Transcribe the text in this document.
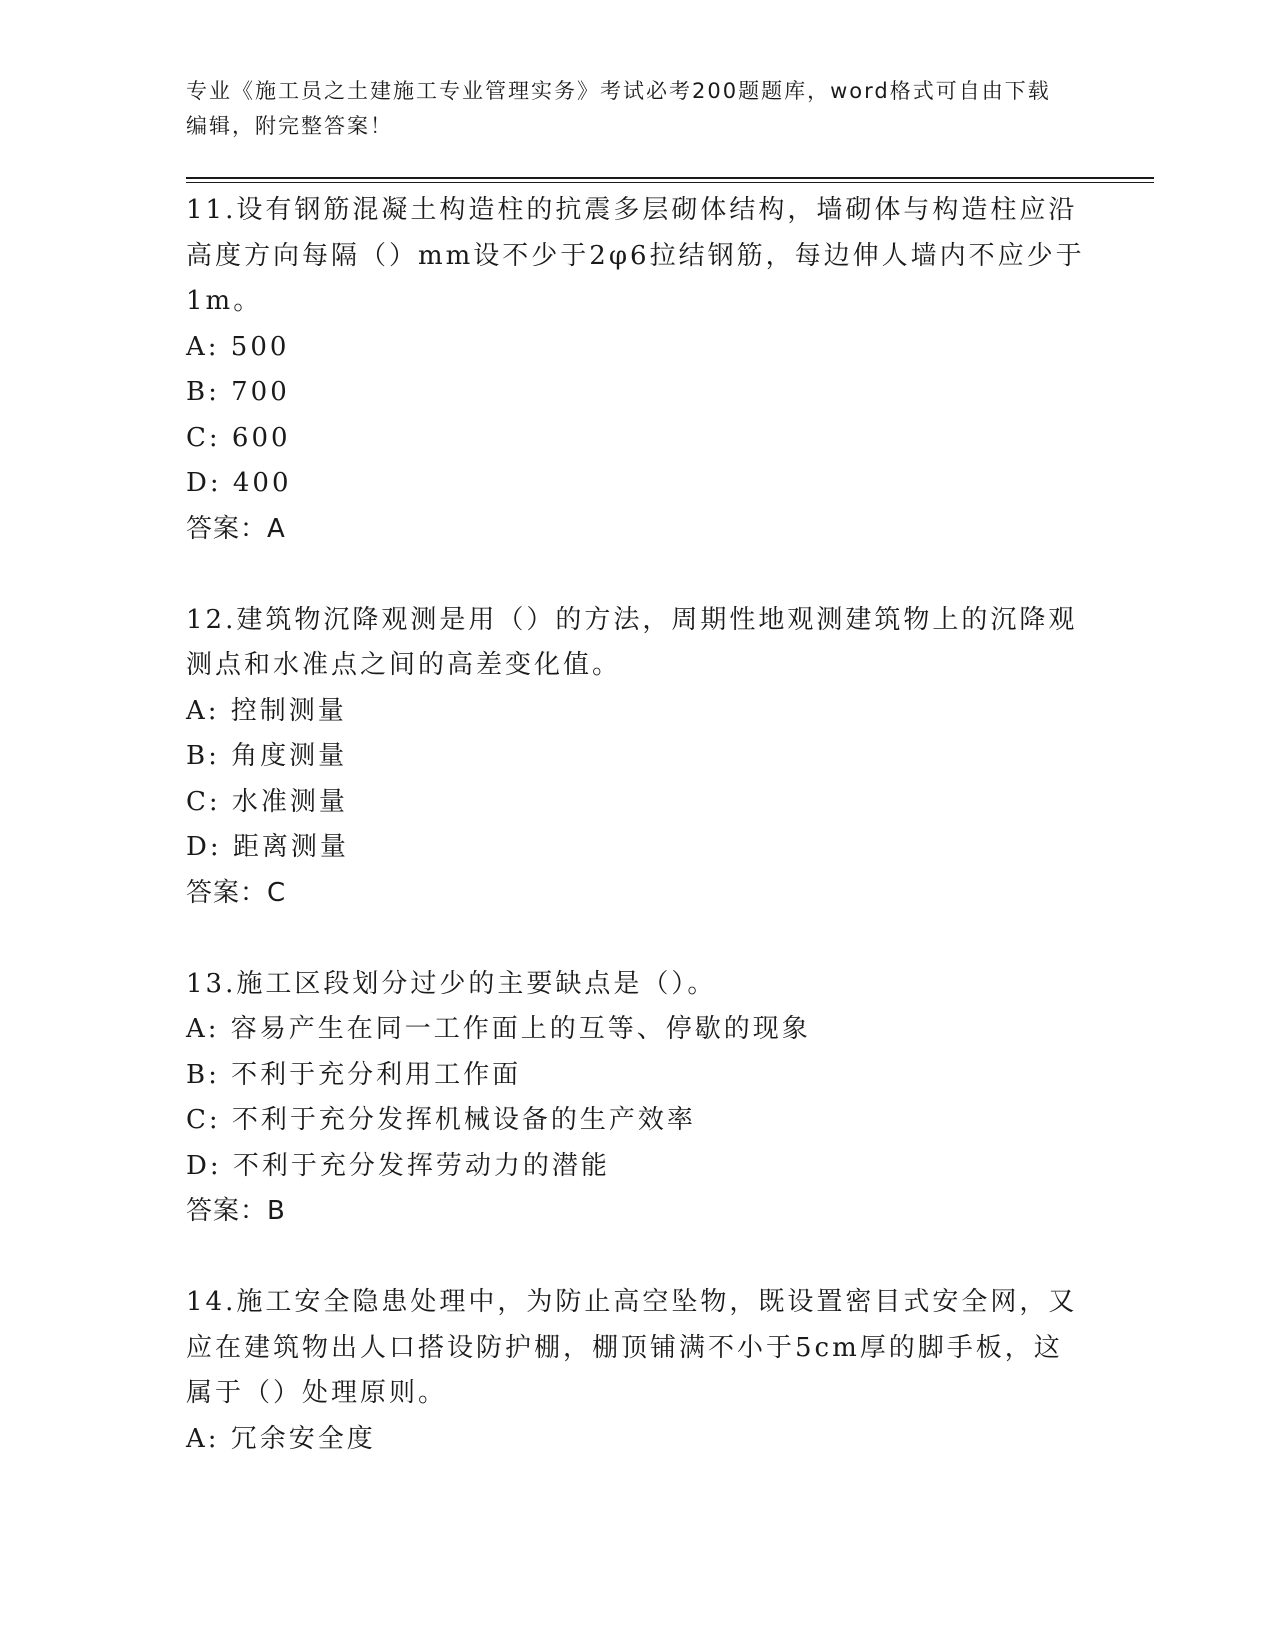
专业《施工员之土建施工专业管理实务》考试必考200题题库，word格式可自由下载编辑，附完整答案！

11.设有钢筋混凝土构造柱的抗震多层砌体结构，墙砌体与构造柱应沿高度方向每隔（）mm设不少于2φ6拉结钢筋，每边伸人墙内不应少于1m。

A: 500

B: 700

C: 600

D: 400

答案：A

12.建筑物沉降观测是用（）的方法，周期性地观测建筑物上的沉降观测点和水准点之间的高差变化值。

A: 控制测量

B: 角度测量

C: 水准测量

D: 距离测量

答案：C

13.施工区段划分过少的主要缺点是（）。

A: 容易产生在同一工作面上的互等、停歇的现象

B: 不利于充分利用工作面

C: 不利于充分发挥机械设备的生产效率

D: 不利于充分发挥劳动力的潜能

答案：B

14.施工安全隐患处理中，为防止高空坠物，既设置密目式安全网，又应在建筑物出人口搭设防护棚，棚顶铺满不小于5cm厚的脚手板，这属于（）处理原则。

A: 冗余安全度
